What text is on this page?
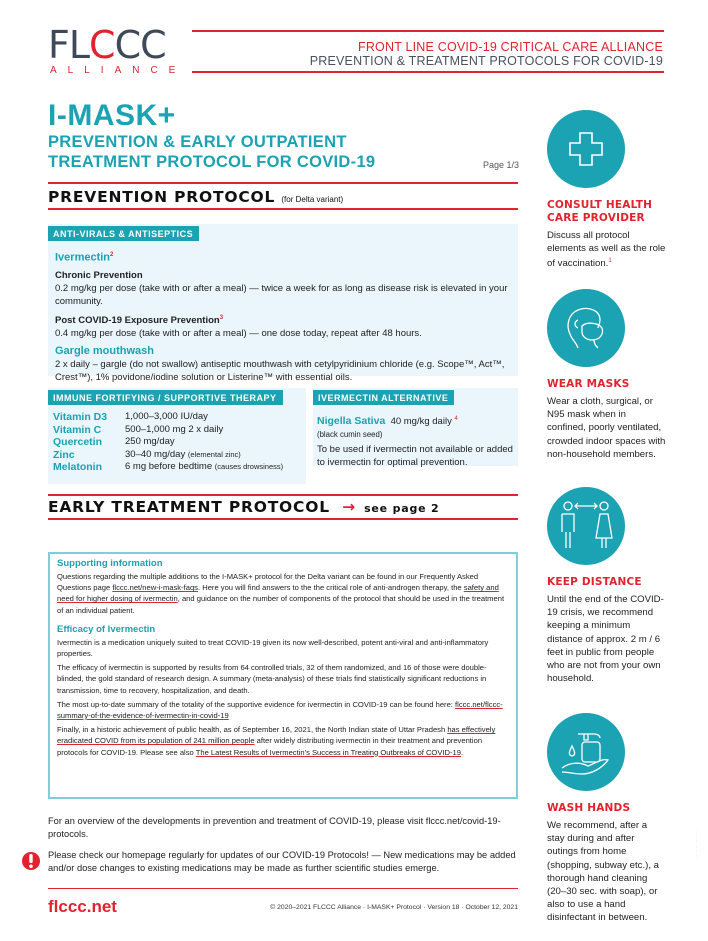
FLCCC
ALLIANCE
FRONT LINE COVID-19 CRITICAL CARE ALLIANCE
PREVENTION & TREATMENT PROTOCOLS FOR COVID-19
I-MASK+
PREVENTION & EARLY OUTPATIENT
TREATMENT PROTOCOL FOR COVID-19	Page 1/3
PREVENTION PROTOCOL (for Delta variant)
ANTI-VIRALS & ANTISEPTICS
Ivermectin$^2$
Chronic Prevention
0.2 mg/kg per dose (take with or after a meal) — twice a week for as long as disease risk is elevated in your community.
Post COVID-19 Exposure Prevention$^3$
0.4 mg/kg per dose (take with or after a meal) — one dose today, repeat after 48 hours.
Gargle mouthwash
2 x daily – gargle (do not swallow) antiseptic mouthwash with cetylpyridinium chloride (e.g. Scope™, Act™, Crest™), 1% povidone/iodine solution or Listerine™ with essential oils.
IMMUNE FORTIFYING / SUPPORTIVE THERAPY
Vitamin D3	1,000–3,000 IU/day
Vitamin C	500–1,000 mg 2 x daily
Quercetin	250 mg/day
Zinc	30–40 mg/day (elemental zinc)
Melatonin	6 mg before bedtime (causes drowsiness)
IVERMECTIN ALTERNATIVE
Nigella Sativa 40 mg/kg daily $^4$
(black cumin seed)
To be used if ivermectin not available or added to ivermectin for optimal prevention.
EARLY TREATMENT PROTOCOL → see page 2
Supporting information

Questions regarding the multiple additions to the I-MASK+ protocol for the Delta variant can be found in our Frequently Asked Questions page flccc.net/new-i-mask-faqs. Here you will find answers to the the critical role of anti-androgen therapy, the safety and need for higher dosing of ivermectin, and guidance on the number of components of the protocol that should be used in the treatment of an individual patient.

Efficacy of Ivermectin

Ivermectin is a medication uniquely suited to treat COVID-19 given its now well-described, potent anti-viral and anti-inflammatory properties.

The efficacy of ivermectin is supported by results from 64 controlled trials, 32 of them randomized, and 16 of those were double-blinded, the gold standard of research design. A summary (meta-analysis) of these trials find statistically significant reductions in transmission, time to recovery, hospitalization, and death.

The most up-to-date summary of the totality of the supportive evidence for ivermectin in COVID-19 can be found here: flccc.net/flccc-summary-of-the-evidence-of-ivermectin-in-covid-19

Finally, in a historic achievement of public health, as of September 16, 2021, the North Indian state of Uttar Pradesh has effectively eradicated COVID from its population of 241 million people after widely distributing ivermectin in their treatment and prevention protocols for COVID-19. Please see also The Latest Results of Ivermectin's Success in Treating Outbreaks of COVID-19.

For an overview of the developments in prevention and treatment of COVID-19, please visit flccc.net/covid-19-protocols.
Please check our homepage regularly for updates of our COVID-19 Protocols! — New medications may be added and/or dose changes to existing medications may be made as further scientific studies emerge.
flccc.net	© 2020–2021 FLCCC Alliance · I-MASK+ Protocol · Version 18 · October 12, 2021
CONSULT HEALTH CARE PROVIDER

Discuss all protocol elements as well as the role of vaccination.$^1$

WEAR MASKS

Wear a cloth, surgical, or N95 mask when in confined, poorly ventilated, crowded indoor spaces with non-household members.

KEEP DISTANCE

Until the end of the COVID-19 crisis, we recommend keeping a minimum distance of approx. 2 m / 6 feet in public from people who are not from your own household.

WASH HANDS

We recommend, after a stay during and after outings from home (shopping, subway etc.), a thorough hand cleaning (20–30 sec. with soap), or also to use a hand disinfectant in between.

· · · · · · · · · · · ·
